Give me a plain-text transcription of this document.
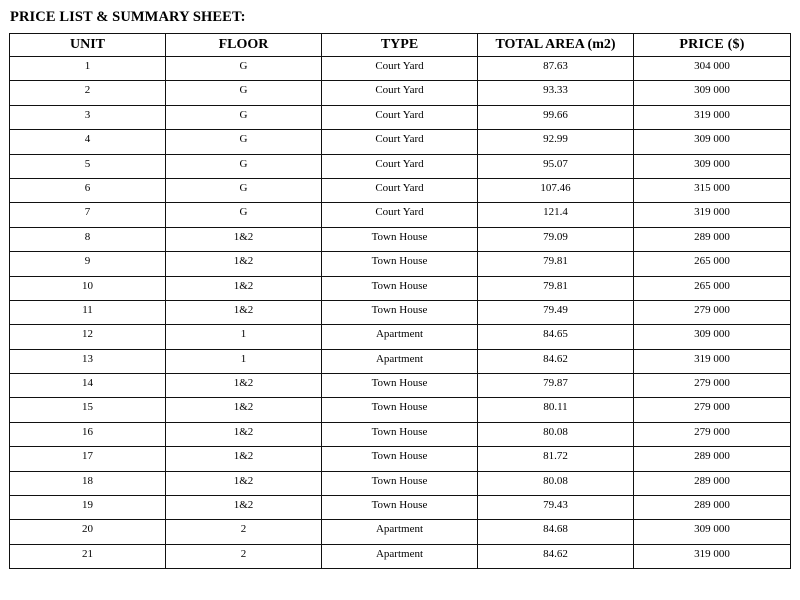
PRICE LIST & SUMMARY SHEET:
UNIT	FLOOR	TYPE	TOTAL AREA (m2)	PRICE ($)
1	G	Court Yard	87.63	304 000
2	G	Court Yard	93.33	309 000
3	G	Court Yard	99.66	319 000
4	G	Court Yard	92.99	309 000
5	G	Court Yard	95.07	309 000
6	G	Court Yard	107.46	315 000
7	G	Court Yard	121.4	319 000
8	1&2	Town House	79.09	289 000
9	1&2	Town House	79.81	265 000
10	1&2	Town House	79.81	265 000
11	1&2	Town House	79.49	279 000
12	1	Apartment	84.65	309 000
13	1	Apartment	84.62	319 000
14	1&2	Town House	79.87	279 000
15	1&2	Town House	80.11	279 000
16	1&2	Town House	80.08	279 000
17	1&2	Town House	81.72	289 000
18	1&2	Town House	80.08	289 000
19	1&2	Town House	79.43	289 000
20	2	Apartment	84.68	309 000
21	2	Apartment	84.62	319 000
